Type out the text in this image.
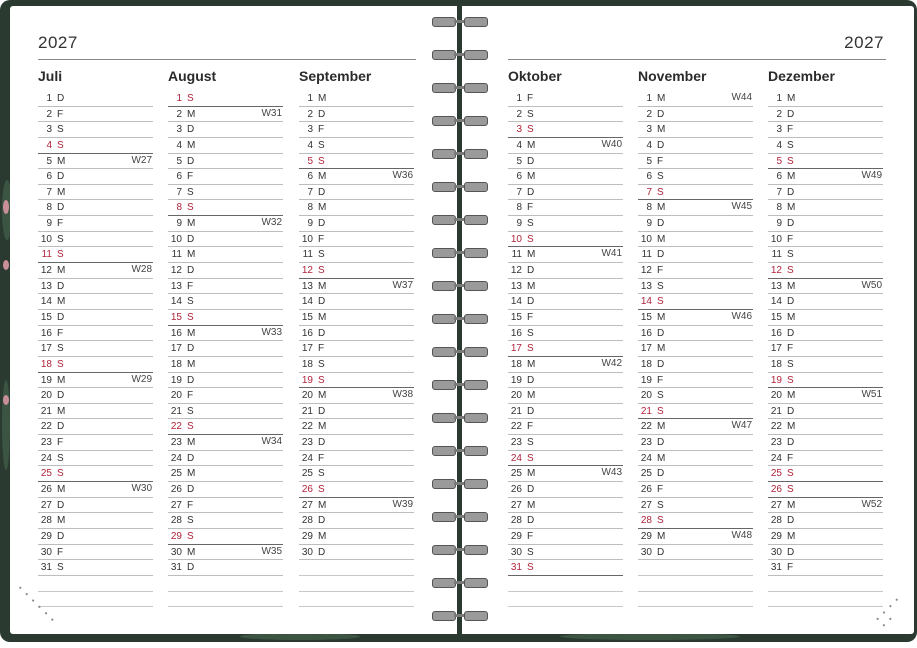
2027
Juli
1 D
2 F
3 S
4 S
5 M	W27
6 D
7 M
8 D
9 F
10 S
11 S
12 M	W28
13 D
14 M
15 D
16 F
17 S
18 S
19 M	W29
20 D
21 M
22 D
23 F
24 S
25 S
26 M	W30
27 D
28 M
29 D
30 F
31 S
August
1 S
2 M	W31
3 D
4 M
5 D
6 F
7 S
8 S
9 M	W32
10 D
11 M
12 D
13 F
14 S
15 S
16 M	W33
17 D
18 M
19 D
20 F
21 S
22 S
23 M	W34
24 D
25 M
26 D
27 F
28 S
29 S
30 M	W35
31 D
September
1 M
2 D
3 F
4 S
5 S
6 M	W36
7 D
8 M
9 D
10 F
11 S
12 S
13 M	W37
14 D
15 M
16 D
17 F
18 S
19 S
20 M	W38
21 D
22 M
23 D
24 F
25 S
26 S
27 M	W39
28 D
29 M
30 D
• • • • • •
2027
Oktober
1 F
2 S
3 S
4 M	W40
5 D
6 M
7 D
8 F
9 S
10 S
11 M	W41
12 D
13 M
14 D
15 F
16 S
17 S
18 M	W42
19 D
20 M
21 D
22 F
23 S
24 S
25 M	W43
26 D
27 M
28 D
29 F
30 S
31 S
November
1 M	W44
2 D
3 M
4 D
5 F
6 S
7 S
8 M	W45
9 D
10 M
11 D
12 F
13 S
14 S
15 M	W46
16 D
17 M
18 D
19 F
20 S
21 S
22 M	W47
23 D
24 M
25 D
26 F
27 S
28 S
29 M	W48
30 D
Dezember
1 M
2 D
3 F
4 S
5 S
6 M	W49
7 D
8 M
9 D
10 F
11 S
12 S
13 M	W50
14 D
15 M
16 D
17 F
18 S
19 S
20 M	W51
21 D
22 M
23 D
24 F
25 S
26 S
27 M	W52
28 D
29 M
30 D
31 F
• • • • • •
